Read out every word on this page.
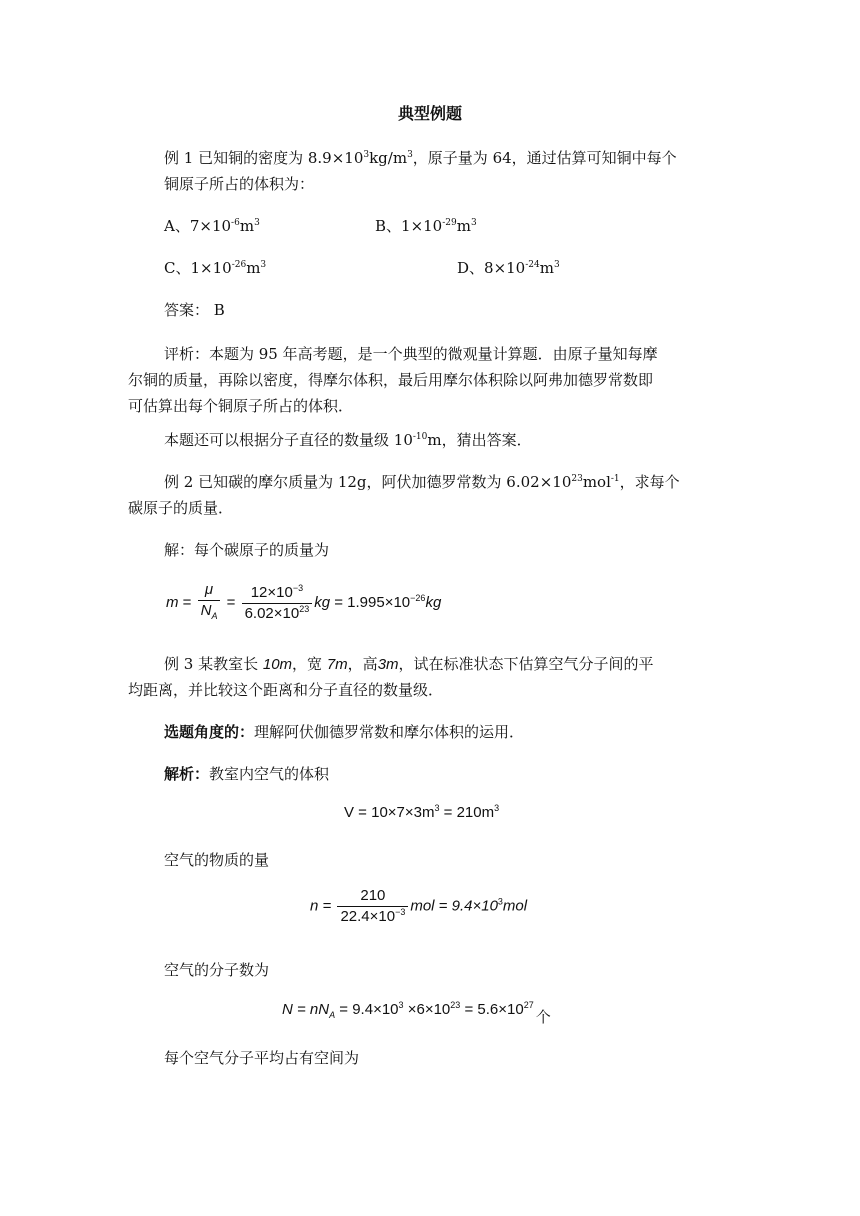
典型例题
例 1 已知铜的密度为 $8.9\times 10^3kg/m^3$，原子量为 64，通过估算可知铜中每个
铜原子所占的体积为：
A、$7\times 10^{-6}m^3$	B、$1\times 10^{-29}m^3$
C、$1\times 10^{-26}m^3$	D、$8\times 10^{-24}m^3$
答案： B
评析：本题为 95 年高考题，是一个典型的微观量计算题．由原子量知每摩
尔铜的质量，再除以密度，得摩尔体积，最后用摩尔体积除以阿弗加德罗常数即
可估算出每个铜原子所占的体积．
本题还可以根据分子直径的数量级 $10^{-10}m$，猜出答案．
例 2 已知碳的摩尔质量为 12g，阿伏加德罗常数为 $6.02\times 10^{23}mol^{-1}$，求每个
碳原子的质量．
解：每个碳原子的质量为
$m = \frac{\mu}{N_A} = \frac{12\times 10^{-3}}{6.02\times 10^{23}}$ kg = $1.995\times 10^{-26}kg$
例 3 某教室长 10m，宽 7m，高3m，试在标准状态下估算空气分子间的平
均距离，并比较这个距离和分子直径的数量级．
选题角度的：理解阿伏伽德罗常数和摩尔体积的运用．
解析：教室内空气的体积
$V = 10\times 7\times 3m^3 = 210m^3$
空气的物质的量
$n = \frac{210}{22.4\times 10^{-3}}$ mol = $9.4\times 10^3mol$
空气的分子数为
$N = nN_A = 9.4\times 10^3 \times 6\times 10^{23} = 5.6\times 10^{27}$个
每个空气分子平均占有空间为
